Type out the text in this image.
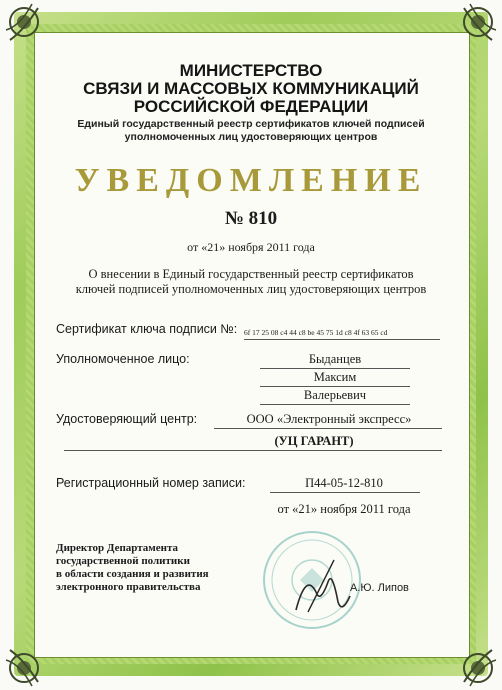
МИНИСТЕРСТВО
СВЯЗИ И МАССОВЫХ КОММУНИКАЦИЙ
РОССИЙСКОЙ ФЕДЕРАЦИИ
Единый государственный реестр сертификатов ключей подписей
уполномоченных лиц удостоверяющих центров
УВЕДОМЛЕНИЕ
№ 810
от «21» ноября 2011 года
О внесении в Единый государственный реестр сертификатов
ключей подписей уполномоченных лиц удостоверяющих центров
Сертификат ключа подписи №: 6f 17 25 08 c4 44 c8 be 45 75 1d c8 4f 63 65 cd
Уполномоченное лицо:	Быданцев
Максим
Валерьевич
Удостоверяющий центр:	ООО «Электронный экспресс»
(УЦ ГАРАНТ)
Регистрационный номер записи:	П44-05-12-810
от «21» ноября 2011 года
Директор Департамента
государственной политики
в области создания и развития
электронного правительства	А.Ю. Липов
